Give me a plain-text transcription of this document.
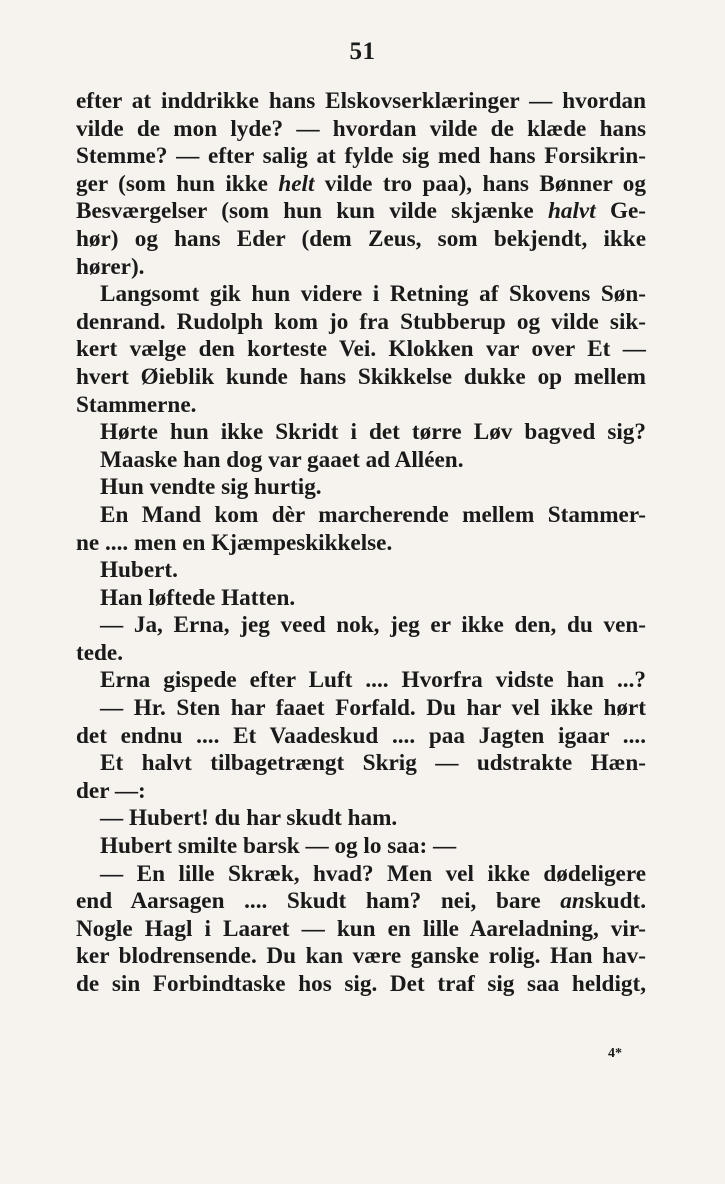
51
efter at inddrikke hans Elskovserklæringer — hvordan
vilde de mon lyde? — hvordan vilde de klæde hans
Stemme? — efter salig at fylde sig med hans Forsikrin-
ger (som hun ikke helt vilde tro paa), hans Bønner og
Besværgelser (som hun kun vilde skjænke halvt Ge-
hør) og hans Eder (dem Zeus, som bekjendt, ikke
hører).
Langsomt gik hun videre i Retning af Skovens Søn-
denrand. Rudolph kom jo fra Stubberup og vilde sik-
kert vælge den korteste Vei. Klokken var over Et —
hvert Øieblik kunde hans Skikkelse dukke op mellem
Stammerne.
Hørte hun ikke Skridt i det tørre Løv bagved sig?
Maaske han dog var gaaet ad Alléen.
Hun vendte sig hurtig.
En Mand kom dèr marcherende mellem Stammer-
ne .... men en Kjæmpeskikkelse.
Hubert.
Han løftede Hatten.
— Ja, Erna, jeg veed nok, jeg er ikke den, du ven-
tede.
Erna gispede efter Luft .... Hvorfra vidste han ...?
— Hr. Sten har faaet Forfald. Du har vel ikke hørt
det endnu .... Et Vaadeskud .... paa Jagten igaar ....
Et halvt tilbagetrængt Skrig — udstrakte Hæn-
der —:
— Hubert! du har skudt ham.
Hubert smilte barsk — og lo saa: —
— En lille Skræk, hvad? Men vel ikke dødeligere
end Aarsagen .... Skudt ham? nei, bare anskudt.
Nogle Hagl i Laaret — kun en lille Aareladning, vir-
ker blodrensende. Du kan være ganske rolig. Han hav-
de sin Forbindtaske hos sig. Det traf sig saa heldigt,
4*
